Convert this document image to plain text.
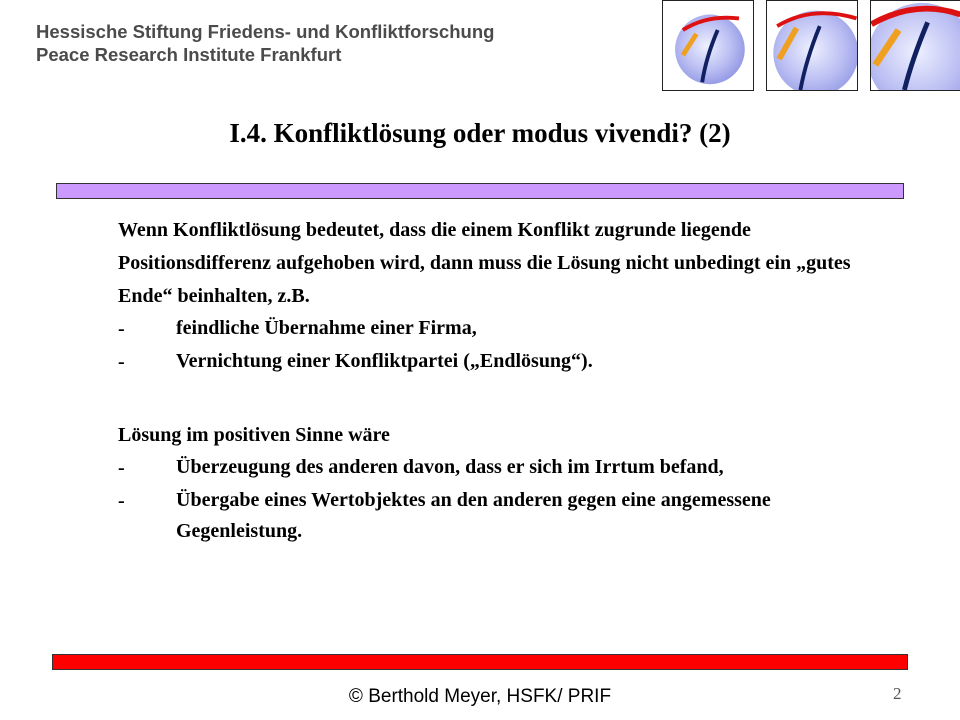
Hessische Stiftung Friedens- und Konfliktforschung
Peace Research Institute Frankfurt
I.4. Konfliktlösung oder modus vivendi? (2)

Wenn Konfliktlösung bedeutet, dass die einem Konflikt zugrunde liegende Positionsdifferenz aufgehoben wird, dann muss die Lösung nicht unbedingt ein „gutes Ende“ beinhalten, z.B.

-	feindliche Übernahme einer Firma,
-	Vernichtung einer Konfliktpartei („Endlösung“).

Lösung im positiven Sinne wäre

-	Überzeugung des anderen davon, dass er sich im Irrtum befand,
-	Übergabe eines Wertobjektes an den anderen gegen eine angemessene Gegenleistung.
© Berthold Meyer, HSFK/ PRIF	2
